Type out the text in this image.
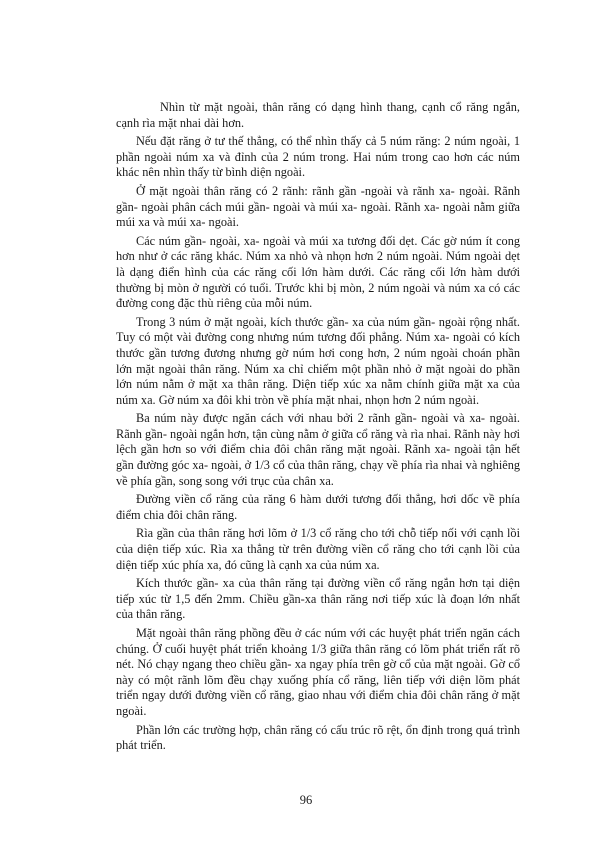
Nhìn từ mặt ngoài, thân răng có dạng hình thang, cạnh cổ răng ngắn, cạnh rìa mặt nhai dài hơn.

Nếu đặt răng ở tư thế thẳng, có thể nhìn thấy cả 5 núm răng: 2 núm ngoài, 1 phần ngoài núm xa và đỉnh của 2 núm trong. Hai núm trong cao hơn các núm khác nên nhìn thấy từ bình diện ngoài.

Ở mặt ngoài thân răng có 2 rãnh: rãnh gần -ngoài và rãnh xa- ngoài. Rãnh gần- ngoài phân cách múi gần- ngoài và múi xa- ngoài. Rãnh xa- ngoài nằm giữa múi xa và múi xa- ngoài.

Các núm gần- ngoài, xa- ngoài và múi xa tương đối dẹt. Các gờ núm ít cong hơn như ở các răng khác. Núm xa nhỏ và nhọn hơn 2 núm ngoài. Núm ngoài dẹt là dạng điển hình của các răng cối lớn hàm dưới. Các răng cối lớn hàm dưới thường bị mòn ở người có tuổi. Trước khi bị mòn, 2 núm ngoài và núm xa có các đường cong đặc thù riêng của mỗi núm.

Trong 3 núm ở mặt ngoài, kích thước gần- xa của núm gần- ngoài rộng nhất. Tuy có một vài đường cong nhưng núm tương đối phẳng. Núm xa- ngoài có kích thước gần tương đương nhưng gờ núm hơi cong hơn, 2 núm ngoài choán phần lớn mặt ngoài thân răng. Núm xa chỉ chiếm một phần nhỏ ở mặt ngoài do phần lớn núm nằm ở mặt xa thân răng. Diện tiếp xúc xa nằm chính giữa mặt xa của núm xa. Gờ núm xa đôi khi tròn về phía mặt nhai, nhọn hơn 2 núm ngoài.

Ba núm này được ngăn cách với nhau bởi 2 rãnh gần- ngoài và xa- ngoài. Rãnh gần- ngoài ngắn hơn, tận cùng nằm ở giữa cổ răng và rìa nhai. Rãnh này hơi lệch gần hơn so với điểm chia đôi chân răng mặt ngoài. Rãnh xa- ngoài tận hết gần đường góc xa- ngoài, ở 1/3 cổ của thân răng, chạy về phía rìa nhai và nghiêng về phía gần, song song với trục của chân xa.

Đường viền cổ răng của răng 6 hàm dưới tương đối thẳng, hơi dốc về phía điểm chia đôi chân răng.

Rìa gần của thân răng hơi lõm ở 1/3 cổ răng cho tới chỗ tiếp nối với cạnh lồi của diện tiếp xúc. Rìa xa thẳng từ trên đường viền cổ răng cho tới cạnh lồi của diện tiếp xúc phía xa, đó cũng là cạnh xa của núm xa.

Kích thước gần- xa của thân răng tại đường viền cổ răng ngắn hơn tại diện tiếp xúc từ 1,5 đến 2mm. Chiều gần-xa thân răng nơi tiếp xúc là đoạn lớn nhất của thân răng.

Mặt ngoài thân răng phồng đều ở các núm với các huyệt phát triển ngăn cách chúng. Ở cuối huyệt phát triển khoảng 1/3 giữa thân răng có lõm phát triển rất rõ nét. Nó chạy ngang theo chiều gần- xa ngay phía trên gờ cổ của mặt ngoài. Gờ cổ này có một rãnh lõm đều chạy xuống phía cổ răng, liên tiếp với diện lõm phát triển ngay dưới đường viền cổ răng, giao nhau với điểm chia đôi chân răng ở mặt ngoài.

Phần lớn các trường hợp, chân răng có cấu trúc rõ rệt, ổn định trong quá trình phát triển.

96
